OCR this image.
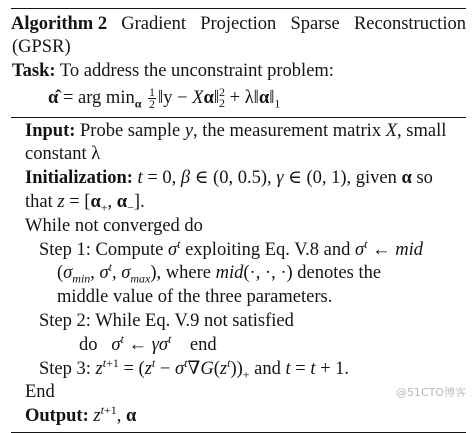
Algorithm 2 Gradient Projection Sparse Reconstruction
(GPSR)
Task: To address the unconstraint problem:
α̂ = arg $\min_\alpha \frac{1}{2}$ ‖y − Xα‖ 2
$2 + \lambda‖\alpha‖_1$
Input: Probe sample y, the measurement matrix X, small
constant λ
Initialization: t = 0, β ∈ (0, 0.5), γ ∈ (0, 1), given α so
that $z = [\alpha_+$, $\alpha_-$].
While not converged do
Step 1: Compute $\sigma^t$ exploiting Eq. V.8 and $\sigma^t$ ← mid
($\sigma_{min}$, $\sigma^t$, $\sigma_{max}$), where mid(·, ·, ·) denotes the
middle value of the three parameters.
Step 2: While Eq. V.9 not satisfied
do   $\sigma^t$ ← $\gamma\sigma^t$ end
Step 3: $z^{t+1} = (z^t - \sigma^t\nabla G(z^t))_+$ and t = t + 1.
End
Output: $z^{t+1}$, α
@51CTO博客
